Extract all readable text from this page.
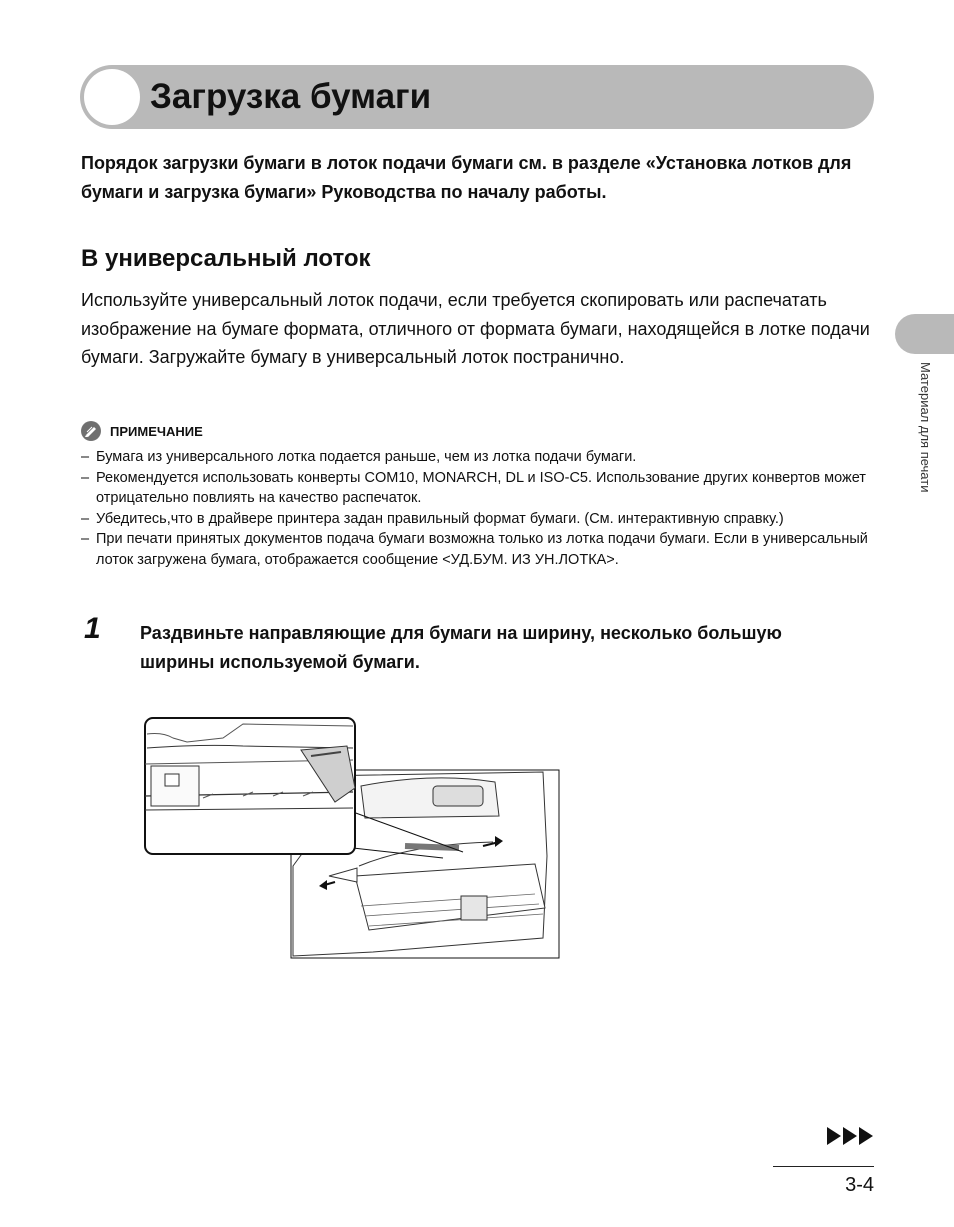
Загрузка бумаги
Порядок загрузки бумаги в лоток подачи бумаги см. в разделе «Установка лотков для бумаги и загрузка бумаги» Руководства по началу работы.
В универсальный лоток
Используйте универсальный лоток подачи, если требуется скопировать или распечатать изображение на бумаге формата, отличного от формата бумаги, находящейся в лотке подачи бумаги. Загружайте бумагу в универсальный лоток постранично.
ПРИМЕЧАНИЕ
– Бумага из универсального лотка подается раньше, чем из лотка подачи бумаги.
– Рекомендуется использовать конверты COM10, MONARCH, DL и ISO-C5. Использование других конвертов может отрицательно повлиять на качество распечаток.
– Убедитесь,что в драйвере принтера задан правильный формат бумаги. (См. интерактивную справку.)
– При печати принятых документов подача бумаги возможна только из лотка подачи бумаги. Если в универсальный лоток загружена бумага, отображается сообщение <УД.БУМ. ИЗ УН.ЛОТКА>.
1 Раздвиньте направляющие для бумаги на ширину, несколько большую ширины используемой бумаги.
Материал для печати
3-4
